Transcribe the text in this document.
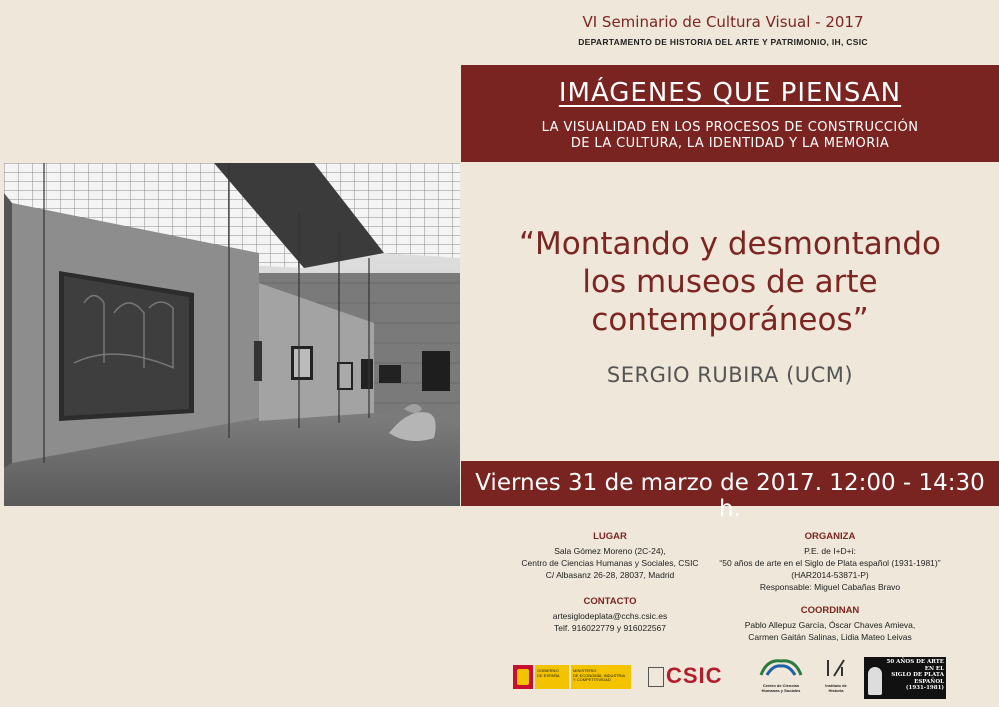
VI Seminario de Cultura Visual - 2017
DEPARTAMENTO DE HISTORIA DEL ARTE Y PATRIMONIO, IH, CSIC
IMÁGENES QUE PIENSAN
LA VISUALIDAD EN LOS PROCESOS DE CONSTRUCCIÓN
DE LA CULTURA, LA IDENTIDAD Y LA MEMORIA
“Montando y desmontando
los museos de arte
contemporáneos”
SERGIO RUBIRA (UCM)
Viernes 31 de marzo de 2017. 12:00 - 14:30 h.
LUGAR
Sala Gómez Moreno (2C-24),
Centro de Ciencias Humanas y Sociales, CSIC
C/ Albasanz 26-28, 28037, Madrid
CONTACTO
artesiglodeplata@cchs.csic.es
Telf. 916022779 y 916022567
ORGANIZA
P.E. de I+D+i:
“50 años de arte en el Siglo de Plata español (1931-1981)”
(HAR2014-53871-P)
Responsable: Miguel Cabañas Bravo
COORDINAN
Pablo Allepuz García, Óscar Chaves Amieva,
Carmen Gaitán Salinas, Lidia Mateo Leivas
GOBIERNO
DE ESPAÑA
MINISTERIO
DE ECONOMÍA, INDUSTRIA
Y COMPETITIVIDAD	CSIC	Centro de Ciencias
Humanas y Sociales
Instituto de
Historia
50 AÑOS DE ARTE
EN EL
SIGLO DE PLATA
ESPAÑOL
(1931-1981)
